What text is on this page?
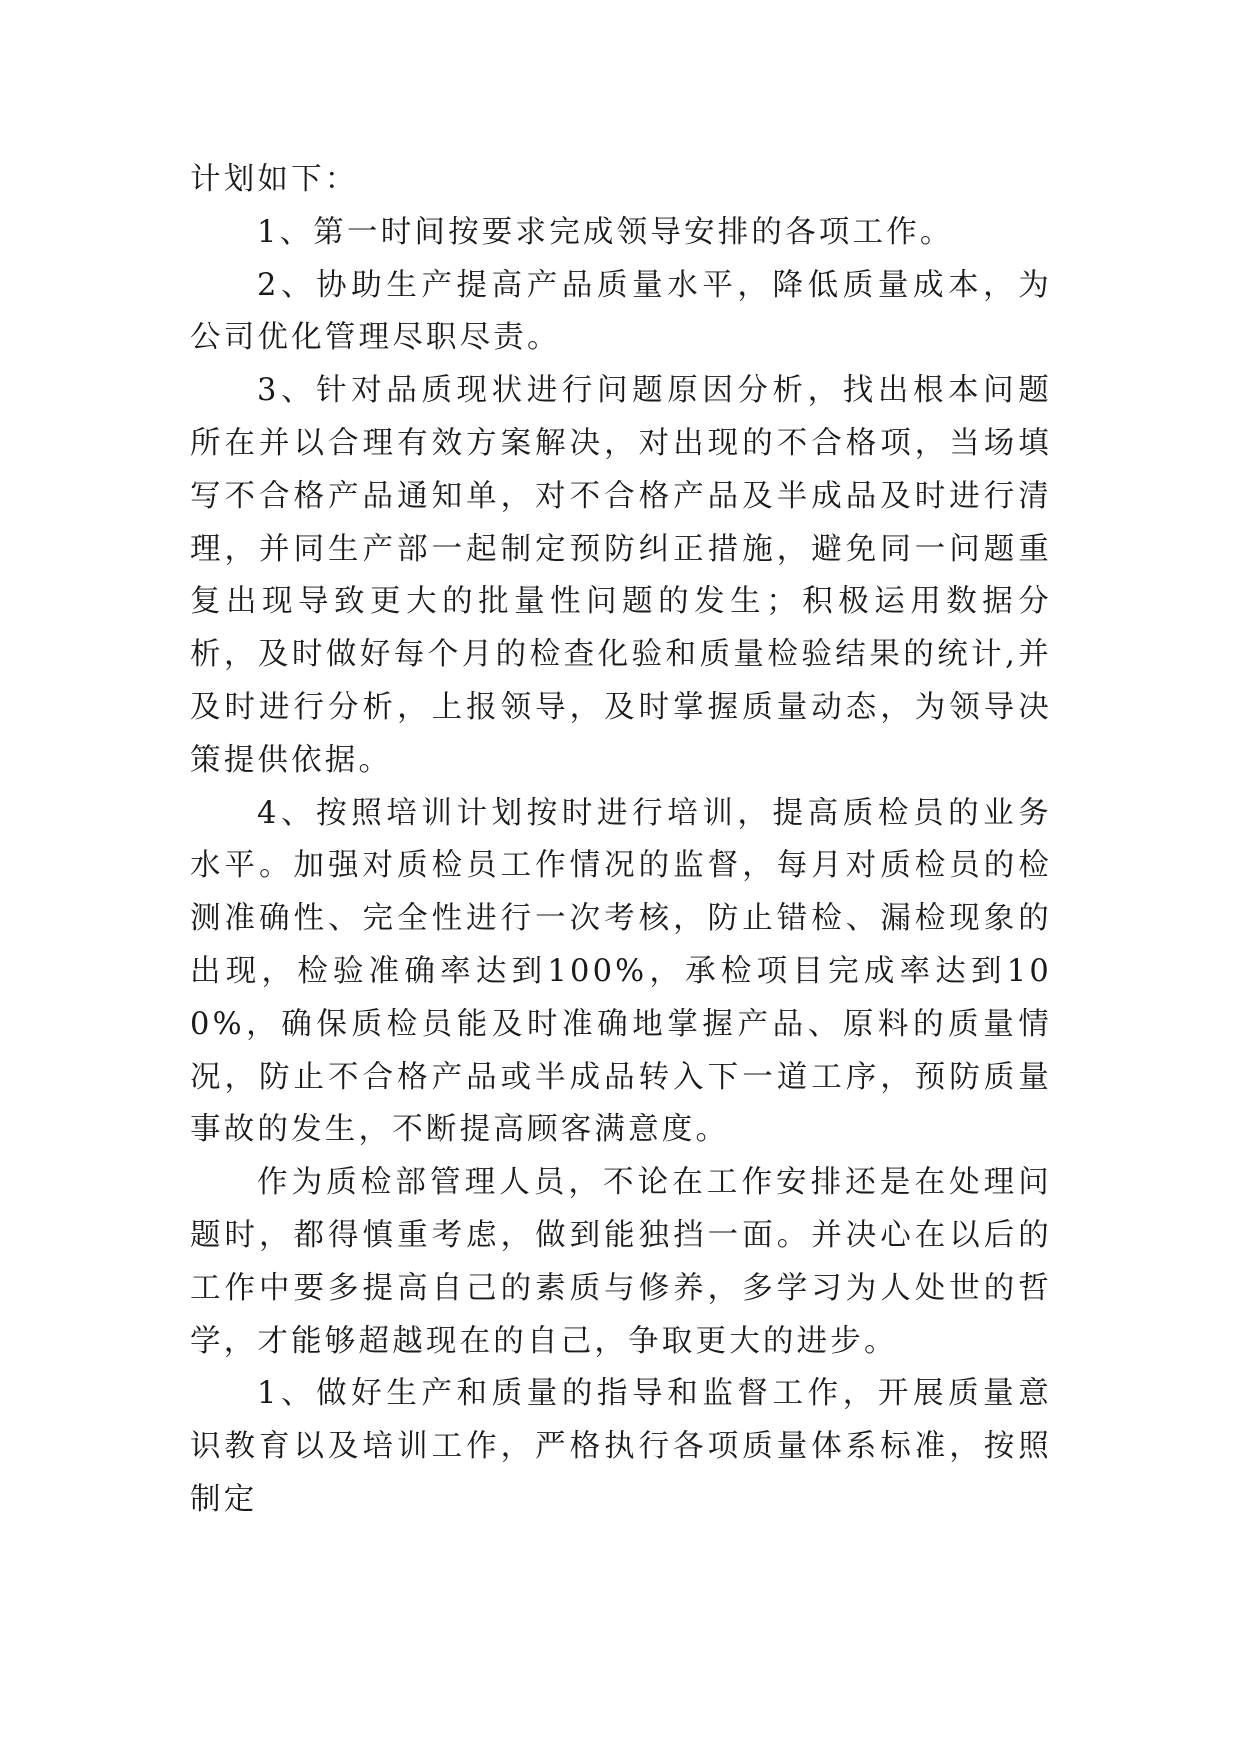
计划如下：

1、第一时间按要求完成领导安排的各项工作。

2、协助生产提高产品质量水平，降低质量成本，为公司优化管理尽职尽责。

3、针对品质现状进行问题原因分析，找出根本问题所在并以合理有效方案解决，对出现的不合格项，当场填写不合格产品通知单，对不合格产品及半成品及时进行清理，并同生产部一起制定预防纠正措施，避免同一问题重复出现导致更大的批量性问题的发生；积极运用数据分析，及时做好每个月的检查化验和质量检验结果的统计,并及时进行分析，上报领导，及时掌握质量动态，为领导决策提供依据。

4、按照培训计划按时进行培训，提高质检员的业务水平。加强对质检员工作情况的监督，每月对质检员的检测准确性、完全性进行一次考核，防止错检、漏检现象的出现，检验准确率达到100%，承检项目完成率达到100%，确保质检员能及时准确地掌握产品、原料的质量情况，防止不合格产品或半成品转入下一道工序，预防质量事故的发生，不断提高顾客满意度。

作为质检部管理人员，不论在工作安排还是在处理问题时，都得慎重考虑，做到能独挡一面。并决心在以后的工作中要多提高自己的素质与修养，多学习为人处世的哲学，才能够超越现在的自己，争取更大的进步。

1、做好生产和质量的指导和监督工作，开展质量意识教育以及培训工作，严格执行各项质量体系标准，按照制定
